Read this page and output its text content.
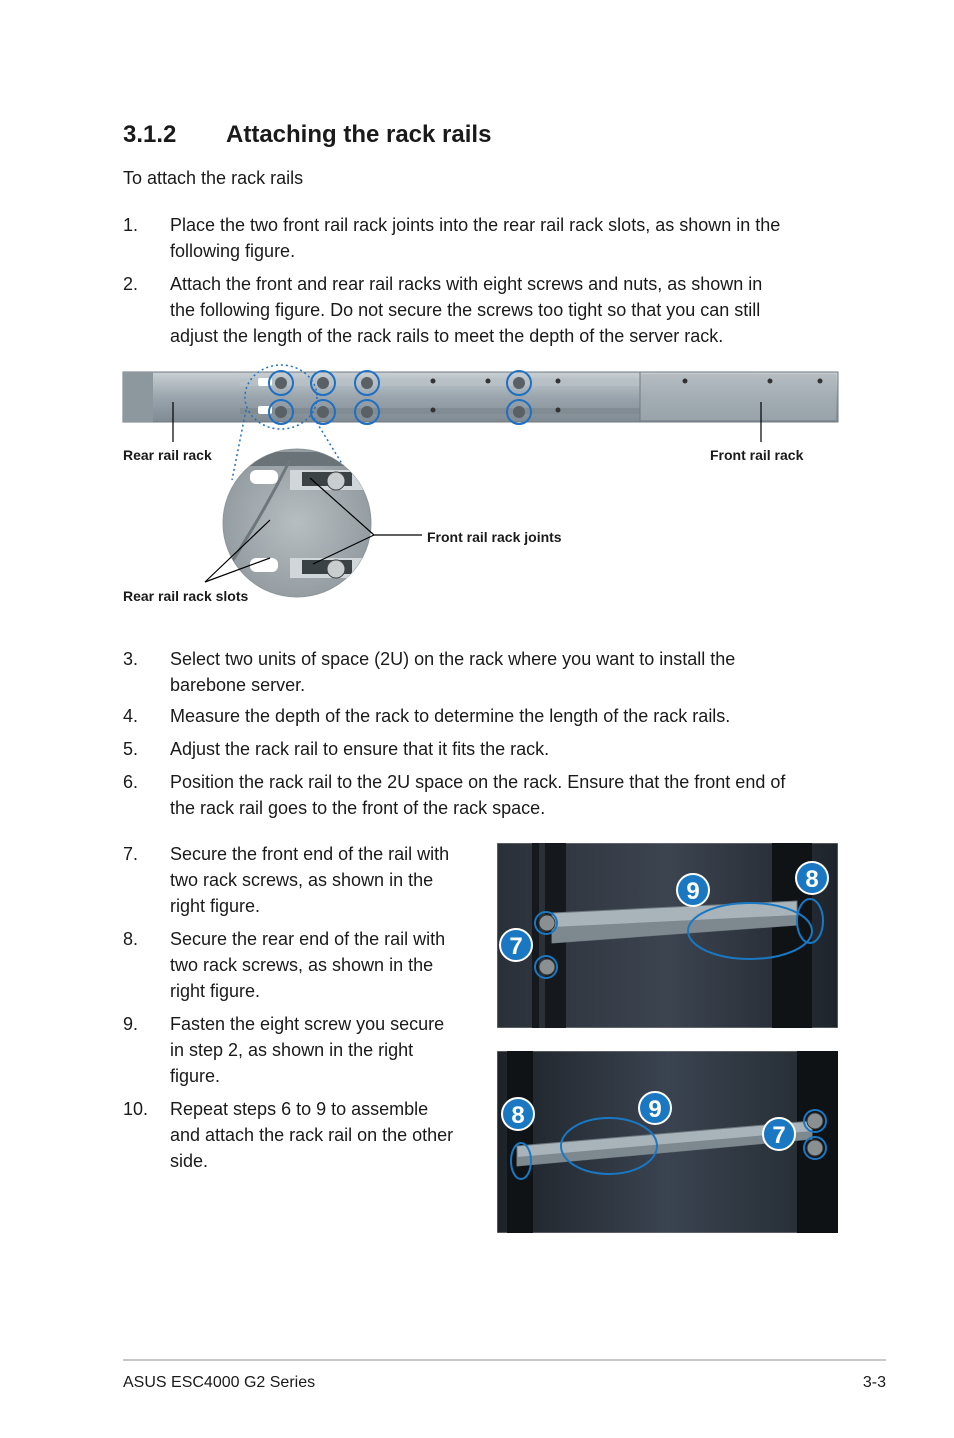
3.1.2 Attaching the rack rails
To attach the rack rails
1. Place the two front rail rack joints into the rear rail rack slots, as shown in the
following figure.
2. Attach the front and rear rail racks with eight screws and nuts, as shown in
the following figure. Do not secure the screws too tight so that you can still
adjust the length of the rack rails to meet the depth of the server rack.
Rear rail rack	Front rail rack
Front rail rack joints
Rear rail rack slots
3. Select two units of space (2U) on the rack where you want to install the
barebone server.
4. Measure the depth of the rack to determine the length of the rack rails.
5. Adjust the rack rail to ensure that it fits the rack.
6. Position the rack rail to the 2U space on the rack. Ensure that the front end of
the rack rail goes to the front of the rack space.
7. Secure the front end of the rail with
two rack screws, as shown in the
right figure.
8. Secure the rear end of the rail with
two rack screws, as shown in the
right figure.
9. Fasten the eight screw you secure
in step 2, as shown in the right
figure.
10. Repeat steps 6 to 9 to assemble
and attach the rack rail on the other
side.
9	8
7
8	9
7
ASUS ESC4000 G2 Series	3-3
